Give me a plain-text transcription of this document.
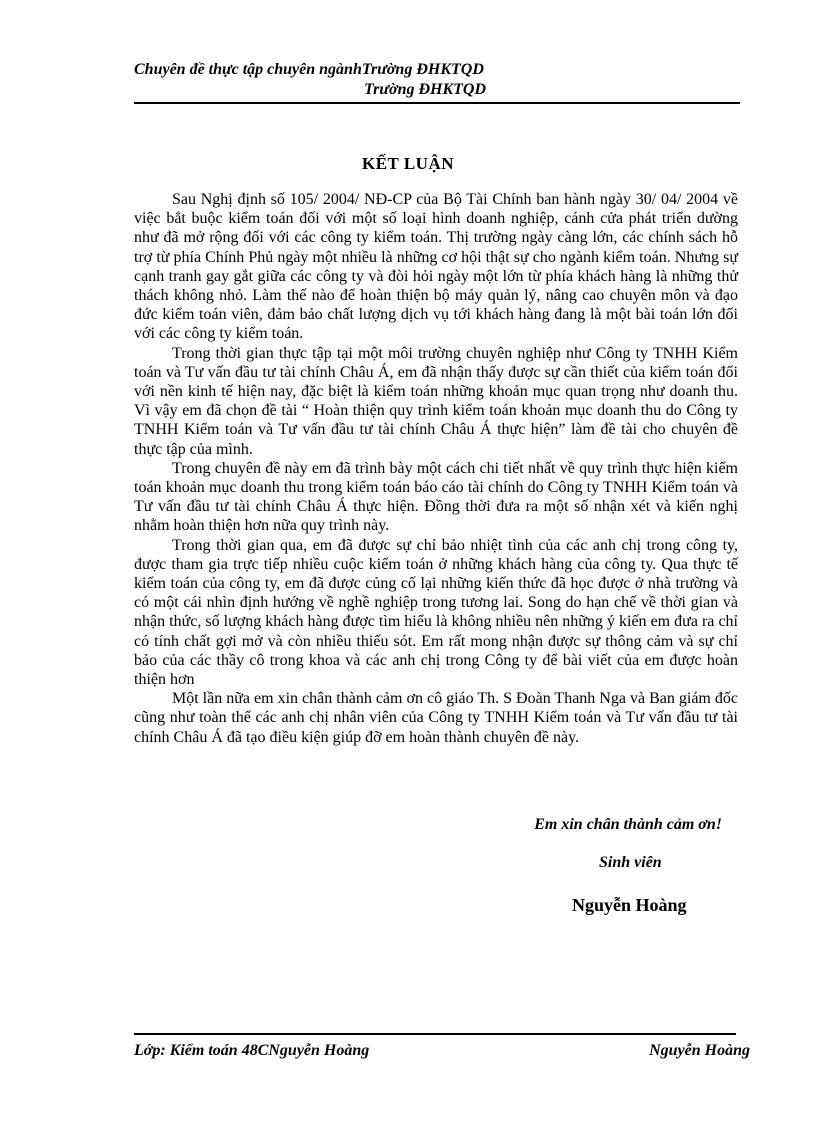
Chuyên đề thực tập chuyên ngànhTrường ĐHKTQD
Trường ĐHKTQD
KẾT LUẬN

Sau Nghị định số 105/ 2004/ NĐ-CP của Bộ Tài Chính ban hành ngày 30/ 04/ 2004 về việc bắt buộc kiểm toán đối với một số loại hình doanh nghiệp, cánh cửa phát triển dường như đã mở rộng đối với các công ty kiểm toán. Thị trường ngày càng lớn, các chính sách hỗ trợ từ phía Chính Phủ ngày một nhiều là những cơ hội thật sự cho ngành kiểm toán. Nhưng sự cạnh tranh gay gắt giữa các công ty và đòi hỏi ngày một lớn từ phía khách hàng là những thử thách không nhỏ. Làm thế nào để hoàn thiện bộ máy quản lý, nâng cao chuyên môn và đạo đức kiểm toán viên, đảm bảo chất lượng dịch vụ tới khách hàng đang là một bài toán lớn đối với các công ty kiểm toán.

Trong thời gian thực tập tại một môi trường chuyên nghiệp như Công ty TNHH Kiểm toán và Tư vấn đầu tư tài chính Châu Á, em đã nhận thấy được sự cần thiết của kiểm toán đối với nền kinh tế hiện nay, đặc biệt là kiểm toán những khoản mục quan trọng như doanh thu. Vì vậy em đã chọn đề tài “ Hoàn thiện quy trình kiểm toán khoản mục doanh thu do Công ty TNHH Kiểm toán và Tư vấn đầu tư tài chính Châu Á thực hiện” làm đề tài cho chuyên đề thực tập của mình.

Trong chuyên đề này em đã trình bày một cách chi tiết nhất về quy trình thực hiện kiểm toán khoản mục doanh thu trong kiểm toán báo cáo tài chính do Công ty TNHH Kiểm toán và Tư vấn đầu tư tài chính Châu Á thực hiện. Đồng thời đưa ra một số nhận xét và kiến nghị nhằm hoàn thiện hơn nữa quy trình này.

Trong thời gian qua, em đã được sự chỉ bảo nhiệt tình của các anh chị trong công ty, được tham gia trực tiếp nhiều cuộc kiểm toán ở những khách hàng của công ty. Qua thực tế kiểm toán của công ty, em đã được củng cố lại những kiến thức đã học được ở nhà trường và có một cái nhìn định hướng về nghề nghiệp trong tương lai. Song do hạn chế về thời gian và nhận thức, số lượng khách hàng được tìm hiểu là không nhiều nên những ý kiến em đưa ra chỉ có tính chất gợi mở và còn nhiều thiếu sót. Em rất mong nhận được sự thông cảm và sự chỉ bảo của các thầy cô trong khoa và các anh chị trong Công ty để bài viết của em được hoàn thiện hơn

Một lần nữa em xin chân thành cảm ơn cô giáo Th. S Đoàn Thanh Nga và Ban giám đốc cũng như toàn thể các anh chị nhân viên của Công ty TNHH Kiểm toán và Tư vấn đầu tư tài chính Châu Á đã tạo điều kiện giúp đỡ em hoàn thành chuyên đề này.

Em xin chân thành cảm ơn!
Sinh viên
Nguyễn Hoàng
Lớp: Kiểm toán 48CNguyễn Hoàng	Nguyễn Hoàng
